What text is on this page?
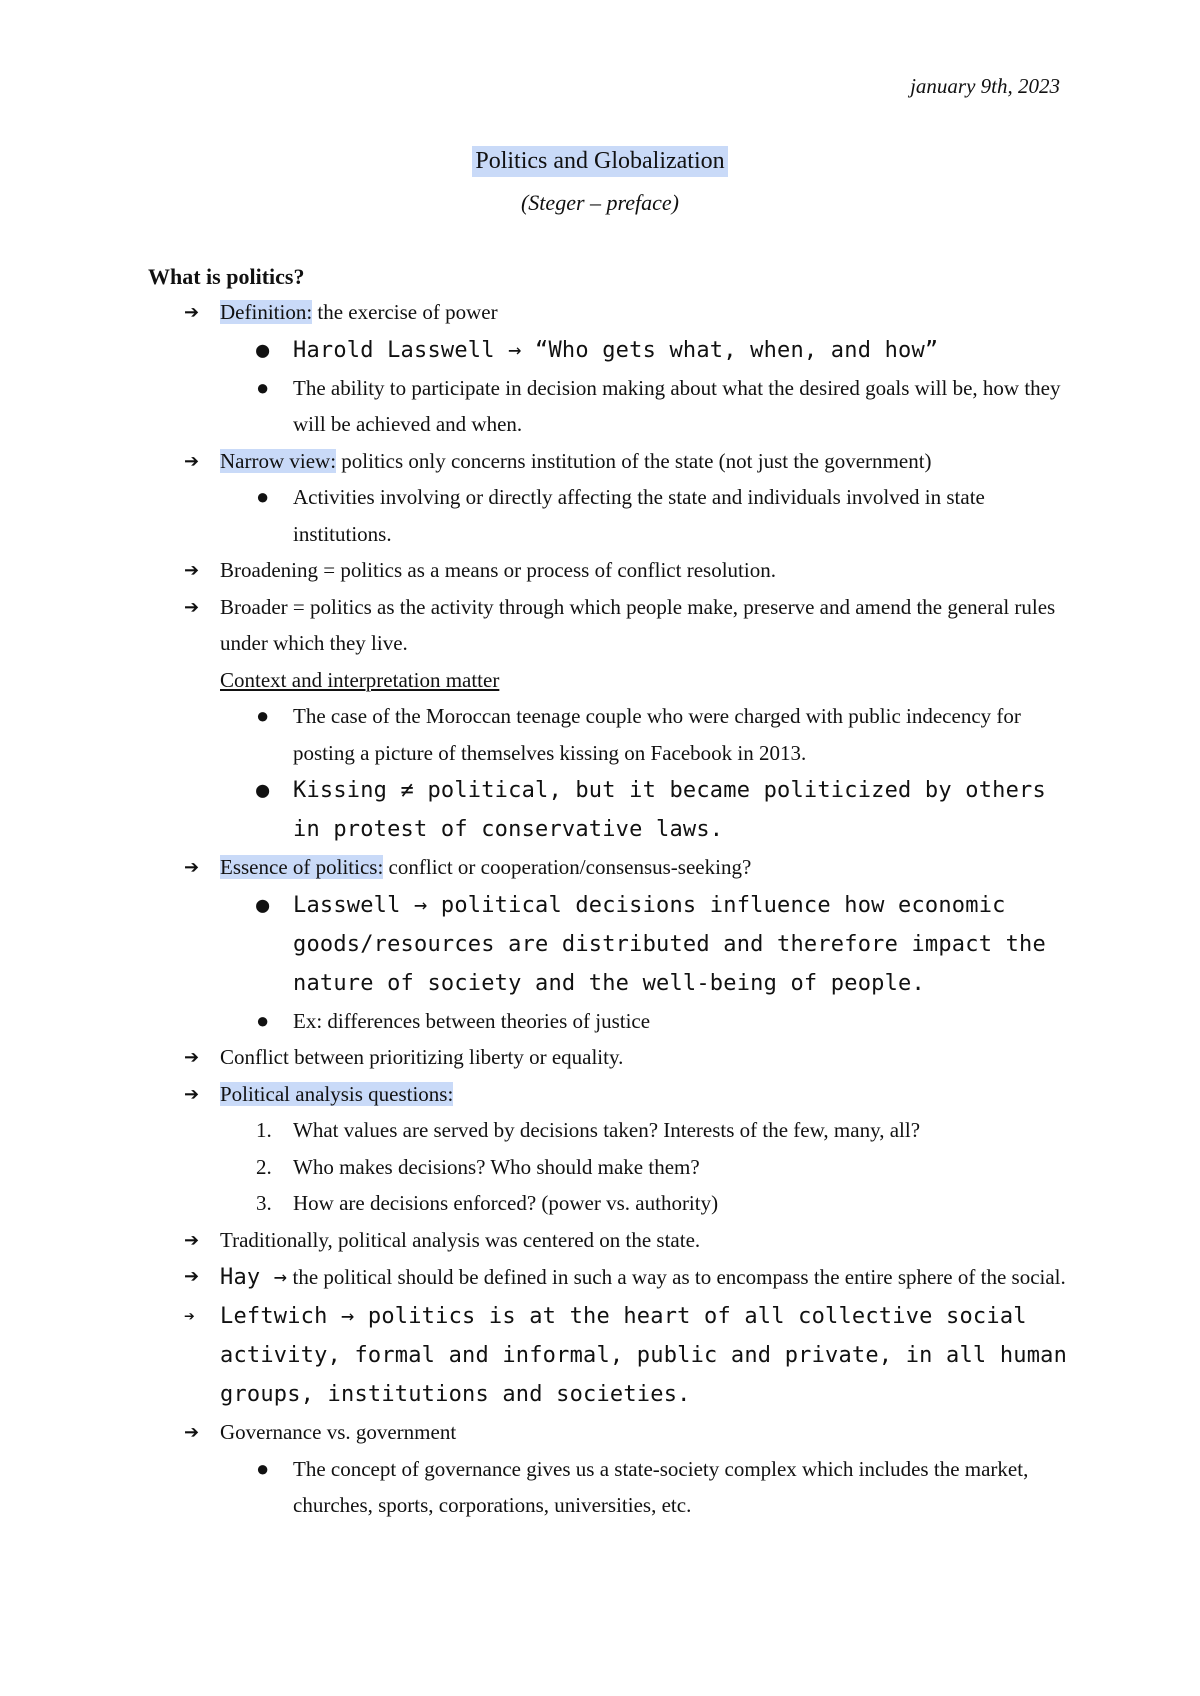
january 9th, 2023
Politics and Globalization
(Steger – preface)
What is politics?
➔ Definition: the exercise of power
● Harold Lasswell → “Who gets what, when, and how”
● The ability to participate in decision making about what the desired goals will be, how they will be achieved and when.
➔ Narrow view: politics only concerns institution of the state (not just the government)
● Activities involving or directly affecting the state and individuals involved in state institutions.
➔ Broadening = politics as a means or process of conflict resolution.
➔ Broader = politics as the activity through which people make, preserve and amend the general rules under which they live.
Context and interpretation matter
● The case of the Moroccan teenage couple who were charged with public indecency for posting a picture of themselves kissing on Facebook in 2013.
● Kissing ≠ political, but it became politicized by others in protest of conservative laws.
➔ Essence of politics: conflict or cooperation/consensus-seeking?
● Lasswell → political decisions influence how economic goods/resources are distributed and therefore impact the nature of society and the well-being of people.
● Ex: differences between theories of justice
➔ Conflict between prioritizing liberty or equality.
➔ Political analysis questions:
1. What values are served by decisions taken? Interests of the few, many, all?
2. Who makes decisions? Who should make them?
3. How are decisions enforced? (power vs. authority)
➔ Traditionally, political analysis was centered on the state.
➔ Hay → the political should be defined in such a way as to encompass the entire sphere of the social.
➔ Leftwich → politics is at the heart of all collective social activity, formal and informal, public and private, in all human groups, institutions and societies.
➔ Governance vs. government
● The concept of governance gives us a state-society complex which includes the market, churches, sports, corporations, universities, etc.
